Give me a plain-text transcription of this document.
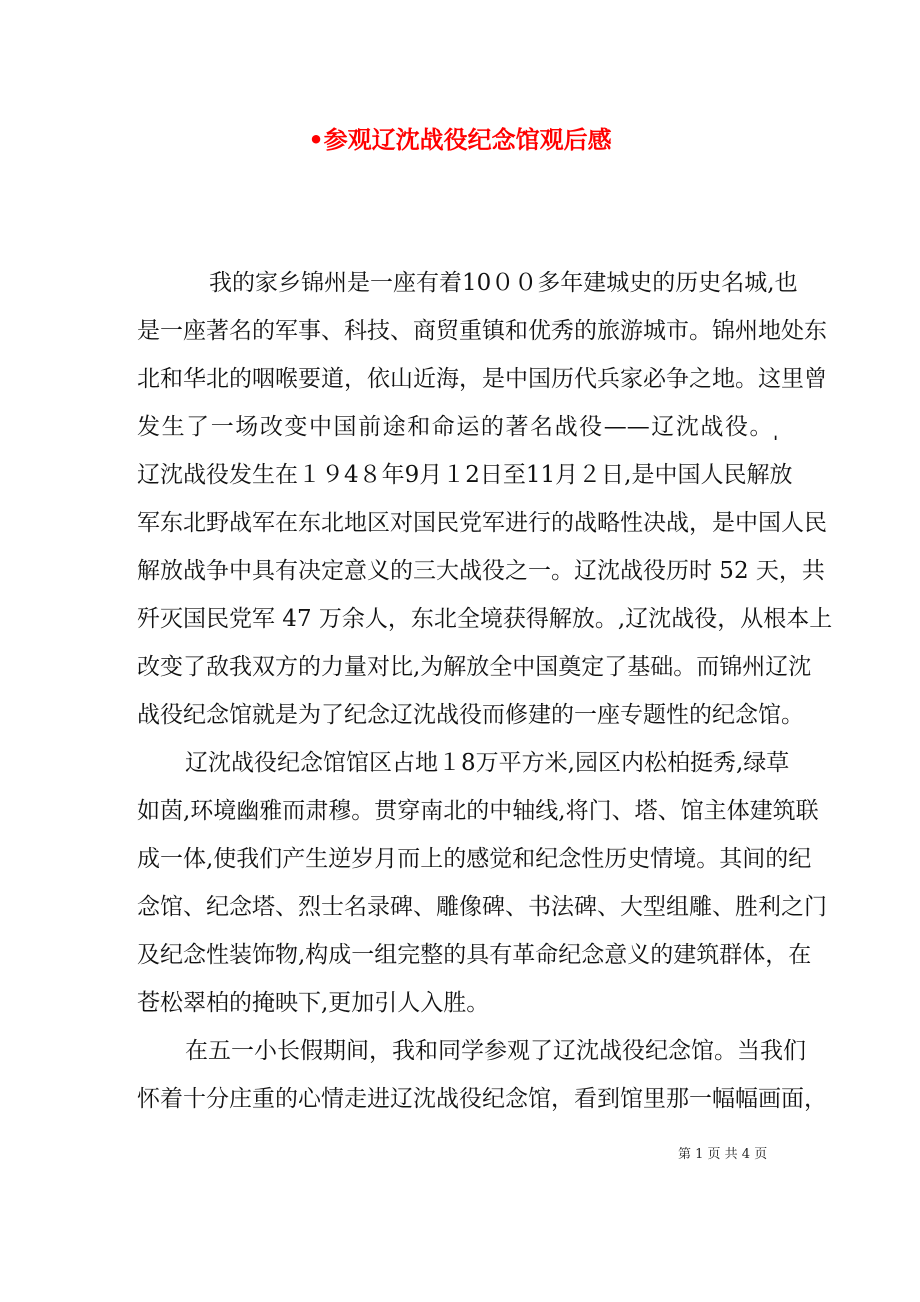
•参观辽沈战役纪念馆观后感
我的家乡锦州是一座有着10００多年建城史的历史名城,也
是一座著名的军事、科技、商贸重镇和优秀的旅游城市。锦州地处东
北和华北的咽喉要道，依山近海，是中国历代兵家必争之地。这里曾
发生了一场改变中国前途和命运的著名战役——辽沈战役。 ̩
辽沈战役发生在１９4８年9月１2日至11月２日,是中国人民解放
军东北野战军在东北地区对国民党军进行的战略性决战，是中国人民
解放战争中具有决定意义的三大战役之一。辽沈战役历时 52 天，共
歼灭国民党军 47 万余人，东北全境获得解放。,辽沈战役，从根本上
改变了敌我双方的力量对比,为解放全中国奠定了基础。而锦州辽沈
战役纪念馆就是为了纪念辽沈战役而修建的一座专题性的纪念馆。
辽沈战役纪念馆馆区占地１8万平方米,园区内松柏挺秀,绿草
如茵,环境幽雅而肃穆。贯穿南北的中轴线,将门、塔、馆主体建筑联
成一体,使我们产生逆岁月而上的感觉和纪念性历史情境。其间的纪
念馆、纪念塔、烈士名录碑、雕像碑、书法碑、大型组雕、胜利之门
及纪念性装饰物,构成一组完整的具有革命纪念意义的建筑群体，在
苍松翠柏的掩映下,更加引人入胜。
在五一小长假期间，我和同学参观了辽沈战役纪念馆。当我们
怀着十分庄重的心情走进辽沈战役纪念馆，看到馆里那一幅幅画面，
第 1 页 共 4 页
